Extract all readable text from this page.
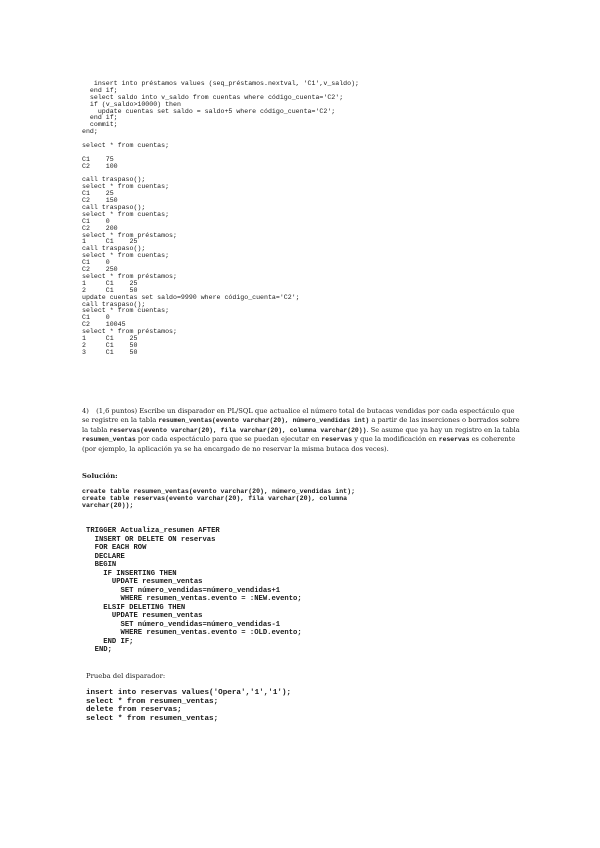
insert into préstamos values (seq_préstamos.nextval, 'C1',v_saldo);
end if;
select saldo into v_saldo from cuentas where código_cuenta='C2';
if (v_saldo>10000) then
update cuentas set saldo = saldo+5 where código_cuenta='C2';
end if;
commit;
end;
select * from cuentas;
C1    75
C2    100
call traspaso();
select * from cuentas;
C1    25
C2    150
call traspaso();
select * from cuentas;
C1    0
C2    200
select * from préstamos;
1     C1    25
call traspaso();
select * from cuentas;
C1    0
C2    250
select * from préstamos;
1     C1    25
2     C1    50
update cuentas set saldo=9990 where código_cuenta='C2';
call traspaso();
select * from cuentas;
C1    0
C2    10045
select * from préstamos;
1     C1    25
2     C1    50
3     C1    50
4) (1,6 puntos) Escribe un disparador en PL/SQL que actualice el número total de butacas vendidas por cada espectáculo que se registre en la tabla resumen_ventas(evento varchar(20), número_vendidas int) a partir de las inserciones o borrados sobre la tabla reservas(evento varchar(20), fila varchar(20), columna varchar(20)). Se asume que ya hay un registro en la tabla resumen_ventas por cada espectáculo para que se puedan ejecutar en reservas y que la modificación en reservas es coherente (por ejemplo, la aplicación ya se ha encargado de no reservar la misma butaca dos veces).
Solución:
create table resumen_ventas(evento varchar(20), número_vendidas int);
create table reservas(evento varchar(20), fila varchar(20), columna
varchar(20));
TRIGGER Actualiza_resumen AFTER
INSERT OR DELETE ON reservas
FOR EACH ROW
DECLARE
BEGIN
IF INSERTING THEN
UPDATE resumen_ventas
SET número_vendidas=número_vendidas+1
WHERE resumen_ventas.evento = :NEW.evento;
ELSIF DELETING THEN
UPDATE resumen_ventas
SET número_vendidas=número_vendidas-1
WHERE resumen_ventas.evento = :OLD.evento;
END IF;
END;
Prueba del disparador:
insert into reservas values('Opera','1','1');
select * from resumen_ventas;
delete from reservas;
select * from resumen_ventas;
